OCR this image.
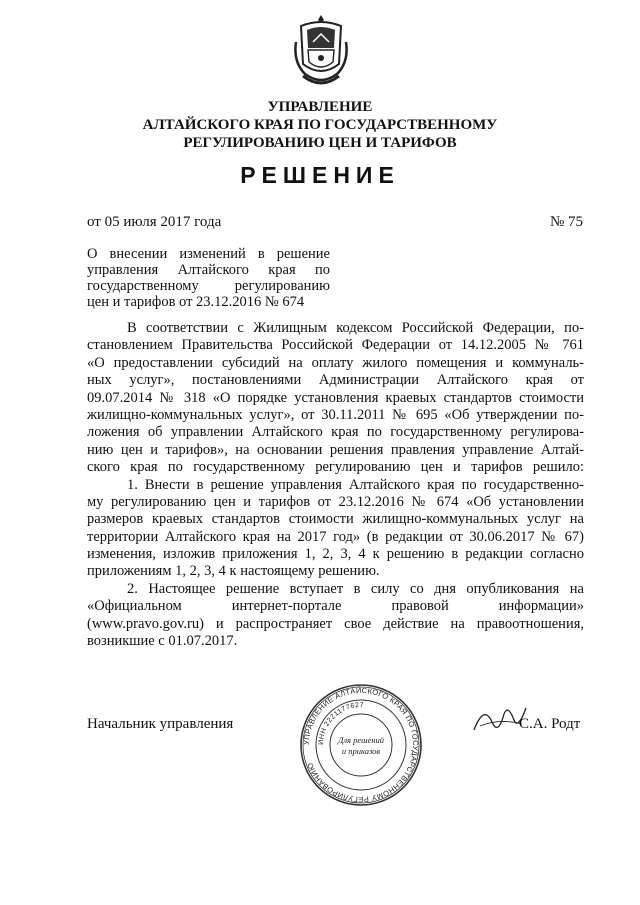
УПРАВЛЕНИЕ
АЛТАЙСКОГО КРАЯ ПО ГОСУДАРСТВЕННОМУ
РЕГУЛИРОВАНИЮ ЦЕН И ТАРИФОВ
РЕШЕНИЕ
от 05 июля 2017 года	№ 75
О внесении изменений в решение
управления Алтайского края по
государственному регулированию
цен и тарифов от 23.12.2016 № 674
В соответствии с Жилищным кодексом Российской Федерации, по-
становлением Правительства Российской Федерации от 14.12.2005 № 761
«О предоставлении субсидий на оплату жилого помещения и коммуналь-
ных услуг», постановлениями Администрации Алтайского края от
09.07.2014 № 318 «О порядке установления краевых стандартов стоимости
жилищно-коммунальных услуг», от 30.11.2011 № 695 «Об утверждении по-
ложения об управлении Алтайского края по государственному регулирова-
нию цен и тарифов», на основании решения правления управление Алтай-
ского края по государственному регулированию цен и тарифов решило:
1. Внести в решение управления Алтайского края по государственно-
му регулированию цен и тарифов от 23.12.2016 № 674 «Об установлении
размеров краевых стандартов стоимости жилищно-коммунальных услуг на
территории Алтайского края на 2017 год» (в редакции от 30.06.2017 № 67)
изменения, изложив приложения 1, 2, 3, 4 к решению в редакции согласно
приложениям 1, 2, 3, 4 к настоящему решению.
2. Настоящее решение вступает в силу со дня опубликования на
«Официальном интернет-портале правовой информации»
(www.pravo.gov.ru) и распространяет свое действие на правоотношения,
возникшие с 01.07.2017.
Начальник управления
УПРАВЛЕНИЕ АЛТАЙСКОГО КРАЯ ПО ГОСУДАРСТВЕННОМУ РЕГУЛИРОВАНИЮ
ИНН 2221177627
Для решений
и приказов
С.А. Родт
